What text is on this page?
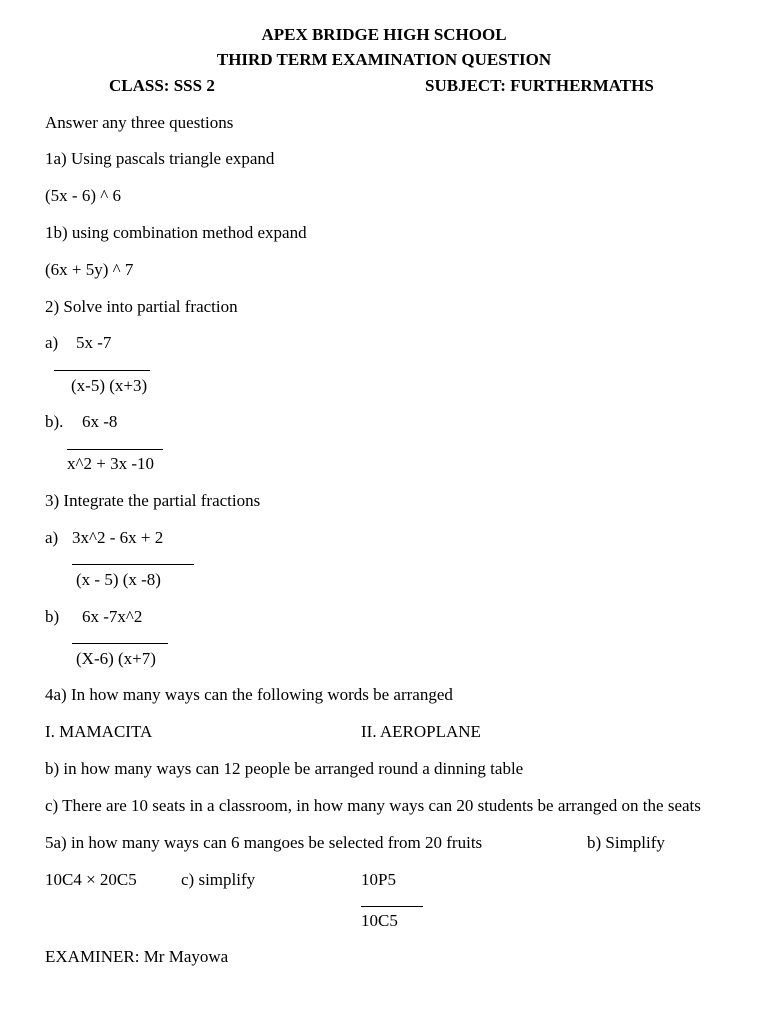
APEX BRIDGE HIGH SCHOOL
THIRD TERM EXAMINATION QUESTION
CLASS: SSS 2	SUBJECT: FURTHERMATHS
Answer any three questions
1a) Using pascals triangle expand
(5x - 6) ^ 6
1b) using combination method expand
(6x + 5y) ^ 7
2) Solve into partial fraction
a) 5x -7
(x-5) (x+3)
b). 6x -8
x^2 + 3x -10
3) Integrate the partial fractions
a) 3x^2 - 6x + 2
(x - 5) (x -8)
b) 6x -7x^2
(X-6) (x+7)
4a) In how many ways can the following words be arranged
I. MAMACITA	II. AEROPLANE
b) in how many ways can 12 people be arranged round a dinning table
c) There are 10 seats in a classroom, in how many ways can 20 students be arranged on the seats
5a) in how many ways can 6 mangoes be selected from 20 fruits	b) Simplify
10C4 × 20C5	c) simplify	10P5
10C5
EXAMINER: Mr Mayowa
